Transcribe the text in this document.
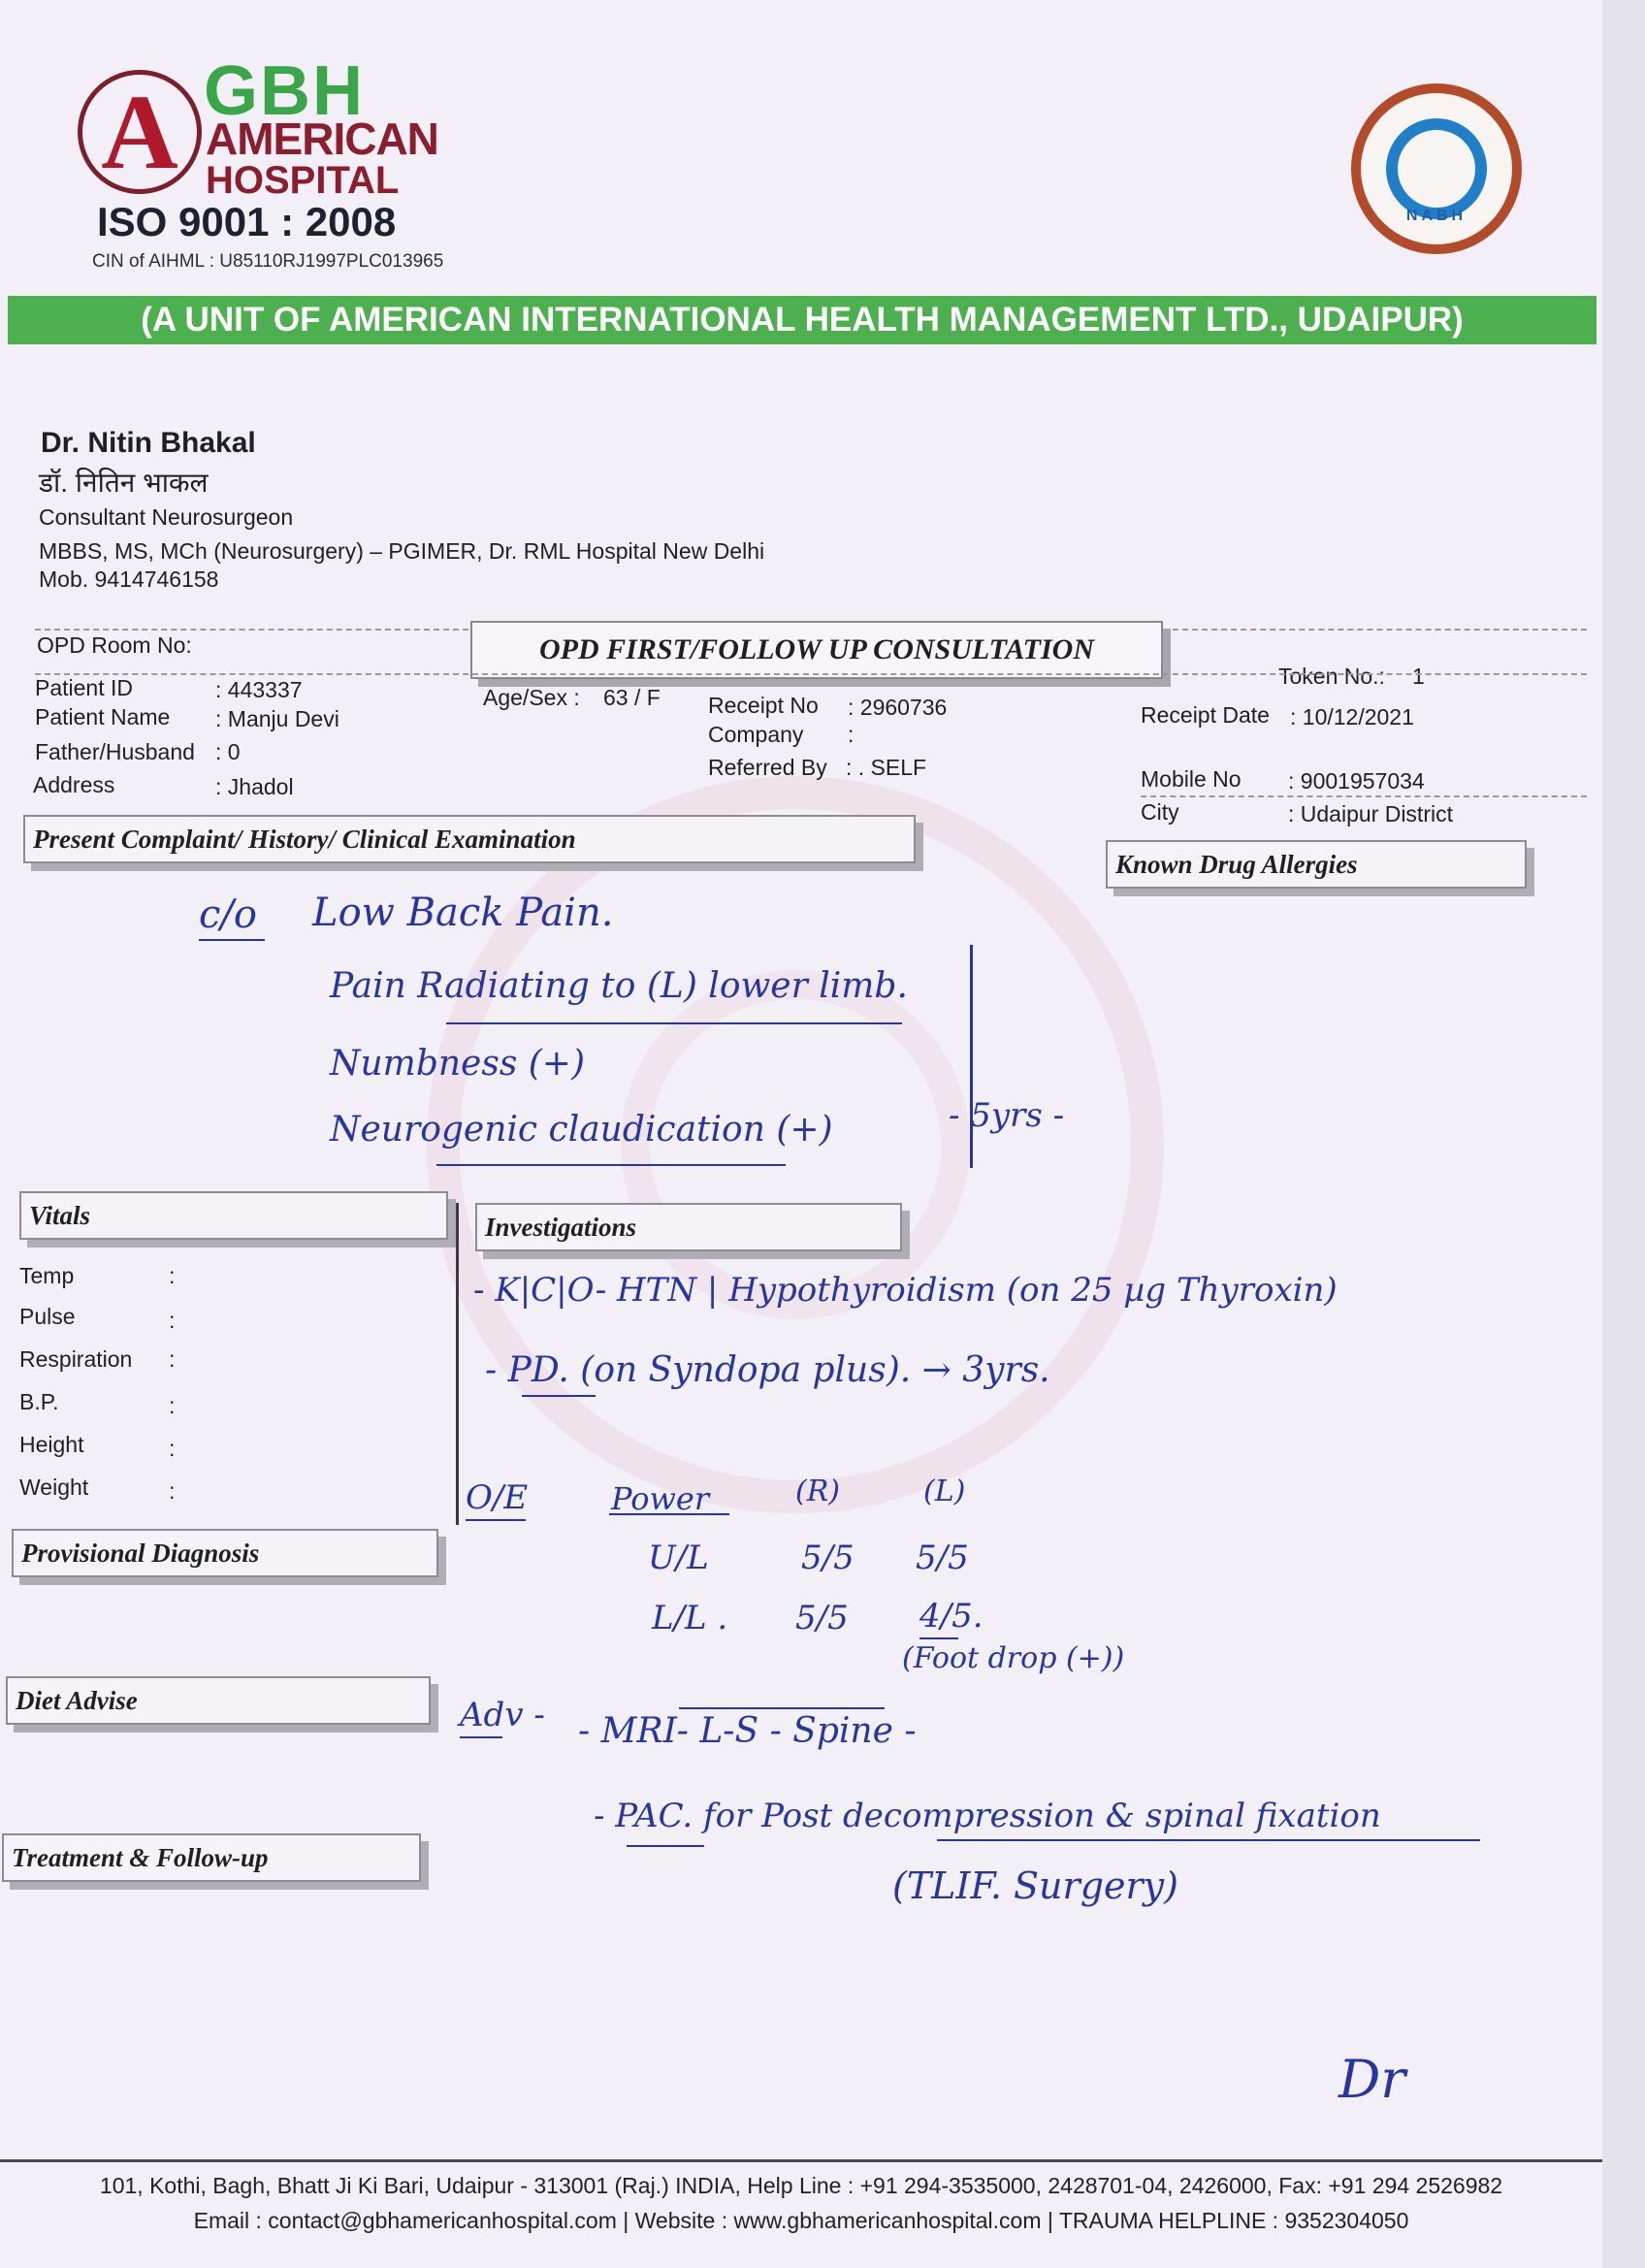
A GBH
AMERICAN
HOSPITAL
ISO 9001 : 2008
CIN of AIHML : U85110RJ1997PLC013965
NABH
(A UNIT OF AMERICAN INTERNATIONAL HEALTH MANAGEMENT LTD., UDAIPUR)
Dr. Nitin Bhakal
डॉ. नितिन भाकल
Consultant Neurosurgeon
MBBS, MS, MCh (Neurosurgery) – PGIMER, Dr. RML Hospital New Delhi
Mob. 9414746158
OPD Room No:	OPD FIRST/FOLLOW UP CONSULTATION
Token No.: 1
Patient ID	: 443337
Patient Name : Manju Devi
Father/Husband : 0
Address	: Jhadol
Age/Sex : 63 / F Receipt No : 2960736
Company :
Referred By : . SELF
Receipt Date : 10/12/2021
Mobile No : 9001957034
City	: Udaipur District
Present Complaint/ History/ Clinical Examination
Known Drug Allergies
Vitals	Investigations
Provisional Diagnosis
Diet Advise
Treatment & Follow-up
Temp	:
Pulse	:
Respiration :
B.P.	:
Height	:
Weight	:
c/o Low Back Pain.
Pain Radiating to (L) lower limb.
Numbness (+)
Neurogenic claudication (+)	- 5yrs -
- K|C|O- HTN | Hypothyroidism (on 25 µg Thyroxin)
- PD. (on Syndopa plus). → 3yrs.
O/E	Power	(R)	(L)
U/L	5/5 5/5
L/L . 5/5 4/5.
(Foot drop (+))
Adv - - MRI- L-S - Spine -
- PAC. for Post decompression & spinal fixation
(TLIF. Surgery)
Dr
101, Kothi, Bagh, Bhatt Ji Ki Bari, Udaipur - 313001 (Raj.) INDIA, Help Line : +91 294-3535000, 2428701-04, 2426000, Fax: +91 294 2526982
Email : contact@gbhamericanhospital.com | Website : www.gbhamericanhospital.com | TRAUMA HELPLINE : 9352304050
